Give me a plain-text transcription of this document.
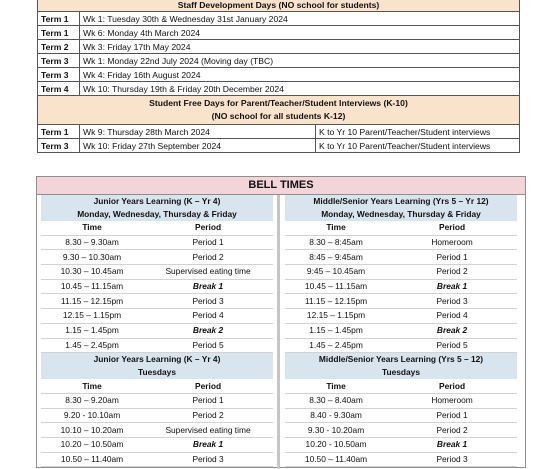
Staff Development Days (NO school for students)		
Term 1	Wk 1: Tuesday 30th & Wednesday 31st January 2024	
Term 1	Wk 6: Monday 4th March 2024	
Term 2	Wk 3: Friday 17th May 2024	
Term 3	Wk 1: Monday 22nd July 2024 (Moving day (TBC)	
Term 3	Wk 4: Friday 16th August 2024	
Term 4	Wk 10: Thursday 19th & Friday 20th December 2024	

Student Free Days for Parent/Teacher/Student Interviews (K-10)
(NO school for all students K-12)		

Term 1	Wk 9: Thursday 28th March 2024	K to Yr 10 Parent/Teacher/Student interviews
Term 3	Wk 10: Friday 27th September 2024	K to Yr 10 Parent/Teacher/Student interviews
BELL TIMES
Junior Years Learning (K – Yr 4)	
Monday, Wednesday, Thursday & Friday	
Time	Period
8.30 – 9.30am	Period 1
9.30 – 10.30am	Period 2
10.30 – 10.45am	Supervised eating time
10.45 – 11.15am	Break 1
11.15 – 12.15pm	Period 3
12.15 – 1.15pm	Period 4
1.15 – 1.45pm	Break 2
1.45 – 2.45pm	Period 5
Junior Years Learning (K – Yr 4)	
Tuesdays	
Time	Period
8.30 – 9.20am	Period 1
9.20 - 10.10am	Period 2
10.10 – 10.20am	Supervised eating time
10.20 – 10.50am	Break 1
10.50 – 11.40am	Period 3
Middle/Senior Years Learning (Yrs 5 – Yr 12)	
Monday, Wednesday, Thursday & Friday	
Time	Period
8.30 – 8:45am	Homeroom
8:45 – 9:45am	Period 1
9:45 – 10.45am	Period 2
10.45 – 11.15am	Break 1
11.15 – 12.15pm	Period 3
12.15 – 1.15pm	Period 4
1.15 – 1.45pm	Break 2
1.45 – 2.45pm	Period 5
Middle/Senior Years Learning (Yrs 5 – 12)	
Tuesdays	
Time	Period
8.30 – 8.40am	Homeroom
8.40 - 9.30am	Period 1
9.30 - 10.20am	Period 2
10.20 - 10.50am	Break 1
10.50 – 11.40am	Period 3
